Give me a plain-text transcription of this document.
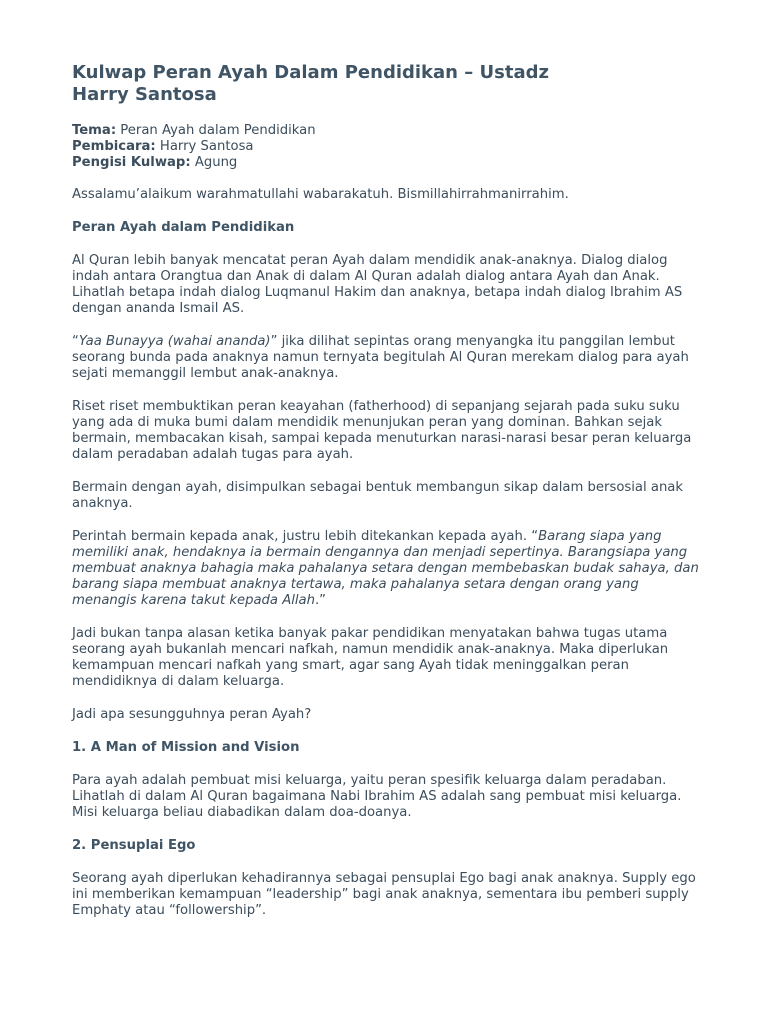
Kulwap Peran Ayah Dalam Pendidikan – Ustadz
Harry Santosa
Tema: Peran Ayah dalam Pendidikan
Pembicara: Harry Santosa
Pengisi Kulwap: Agung

Assalamu’alaikum warahmatullahi wabarakatuh. Bismillahirrahmanirrahim.

Peran Ayah dalam Pendidikan

Al Quran lebih banyak mencatat peran Ayah dalam mendidik anak-anaknya. Dialog dialog indah antara Orangtua dan Anak di dalam Al Quran adalah dialog antara Ayah dan Anak. Lihatlah betapa indah dialog Luqmanul Hakim dan anaknya, betapa indah dialog Ibrahim AS dengan ananda Ismail AS.

“Yaa Bunayya (wahai ananda)” jika dilihat sepintas orang menyangka itu panggilan lembut seorang bunda pada anaknya namun ternyata begitulah Al Quran merekam dialog para ayah sejati memanggil lembut anak-anaknya.

Riset riset membuktikan peran keayahan (fatherhood) di sepanjang sejarah pada suku suku yang ada di muka bumi dalam mendidik menunjukan peran yang dominan. Bahkan sejak bermain, membacakan kisah, sampai kepada menuturkan narasi-narasi besar peran keluarga dalam peradaban adalah tugas para ayah.

Bermain dengan ayah, disimpulkan sebagai bentuk membangun sikap dalam bersosial anak anaknya.

Perintah bermain kepada anak, justru lebih ditekankan kepada ayah. “Barang siapa yang memiliki anak, hendaknya ia bermain dengannya dan menjadi sepertinya. Barangsiapa yang membuat anaknya bahagia maka pahalanya setara dengan membebaskan budak sahaya, dan barang siapa membuat anaknya tertawa, maka pahalanya setara dengan orang yang menangis karena takut kepada Allah.”

Jadi bukan tanpa alasan ketika banyak pakar pendidikan menyatakan bahwa tugas utama seorang ayah bukanlah mencari nafkah, namun mendidik anak-anaknya. Maka diperlukan kemampuan mencari nafkah yang smart, agar sang Ayah tidak meninggalkan peran mendidiknya di dalam keluarga.

Jadi apa sesungguhnya peran Ayah?

1. A Man of Mission and Vision

Para ayah adalah pembuat misi keluarga, yaitu peran spesifik keluarga dalam peradaban. Lihatlah di dalam Al Quran bagaimana Nabi Ibrahim AS adalah sang pembuat misi keluarga. Misi keluarga beliau diabadikan dalam doa-doanya.

2. Pensuplai Ego

Seorang ayah diperlukan kehadirannya sebagai pensuplai Ego bagi anak anaknya. Supply ego ini memberikan kemampuan “leadership” bagi anak anaknya, sementara ibu pemberi supply Emphaty atau “followership”.
